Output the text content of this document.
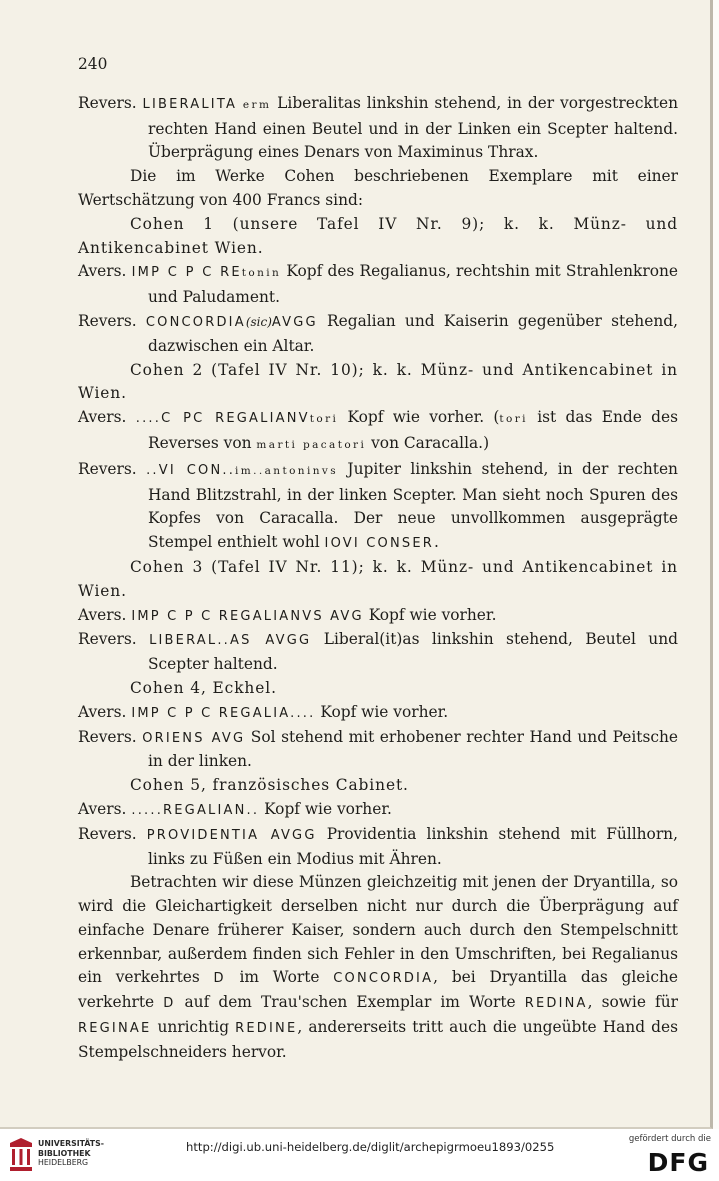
240

Revers. LIBERALITA erm Liberalitas linkshin stehend, in der vorgestreckten rechten Hand einen Beutel und in der Linken ein Scepter haltend. Überprägung eines Denars von Maximinus Thrax.

Die im Werke Cohen beschriebenen Exemplare mit einer Wertschätzung von 400 Francs sind:

Cohen 1 (unsere Tafel IV Nr. 9); k. k. Münz- und Antikencabinet Wien.

Avers. IMP C P C REtonin Kopf des Regalianus, rechtshin mit Strahlenkrone und Paludament.

Revers. CONCORDIA(sic)AVGG Regalian und Kaiserin gegenüber stehend, dazwischen ein Altar.

Cohen 2 (Tafel IV Nr. 10); k. k. Münz- und Antikencabinet in Wien.

Avers. ....C PC REGALIANVtori Kopf wie vorher. (tori ist das Ende des Reverses von marti pacatori von Caracalla.)

Revers. ..VI CON..im..antoninvs Jupiter linkshin stehend, in der rechten Hand Blitzstrahl, in der linken Scepter. Man sieht noch Spuren des Kopfes von Caracalla. Der neue unvollkommen ausgeprägte Stempel enthielt wohl IOVI CONSER.

Cohen 3 (Tafel IV Nr. 11); k. k. Münz- und Antikencabinet in Wien.

Avers. IMP C P C REGALIANVS AVG Kopf wie vorher.

Revers. LIBERAL..AS AVGG Liberal(it)as linkshin stehend, Beutel und Scepter haltend.

Cohen 4, Eckhel.

Avers. IMP C P C REGALIA.... Kopf wie vorher.

Revers. ORIENS AVG Sol stehend mit erhobener rechter Hand und Peitsche in der linken.

Cohen 5, französisches Cabinet.

Avers. .....REGALIAN.. Kopf wie vorher.

Revers. PROVIDENTIA AVGG Providentia linkshin stehend mit Füllhorn, links zu Füßen ein Modius mit Ähren.

Betrachten wir diese Münzen gleichzeitig mit jenen der Dryantilla, so wird die Gleichartigkeit derselben nicht nur durch die Überprägung auf einfache Denare früherer Kaiser, sondern auch durch den Stempelschnitt erkennbar, außerdem finden sich Fehler in den Umschriften, bei Regalianus ein verkehrtes D im Worte CONCORDIA, bei Dryantilla das gleiche verkehrte D auf dem Trau'schen Exemplar im Worte REDINA, sowie für REGINAE unrichtig REDINE, andererseits tritt auch die ungeübte Hand des Stempelschneiders hervor.

UNIVERSITÄTS-
BIBLIOTHEK
HEIDELBERG
http://digi.ub.uni-heidelberg.de/diglit/archepigrmoeu1893/0255
gefördert durch die
DFG
